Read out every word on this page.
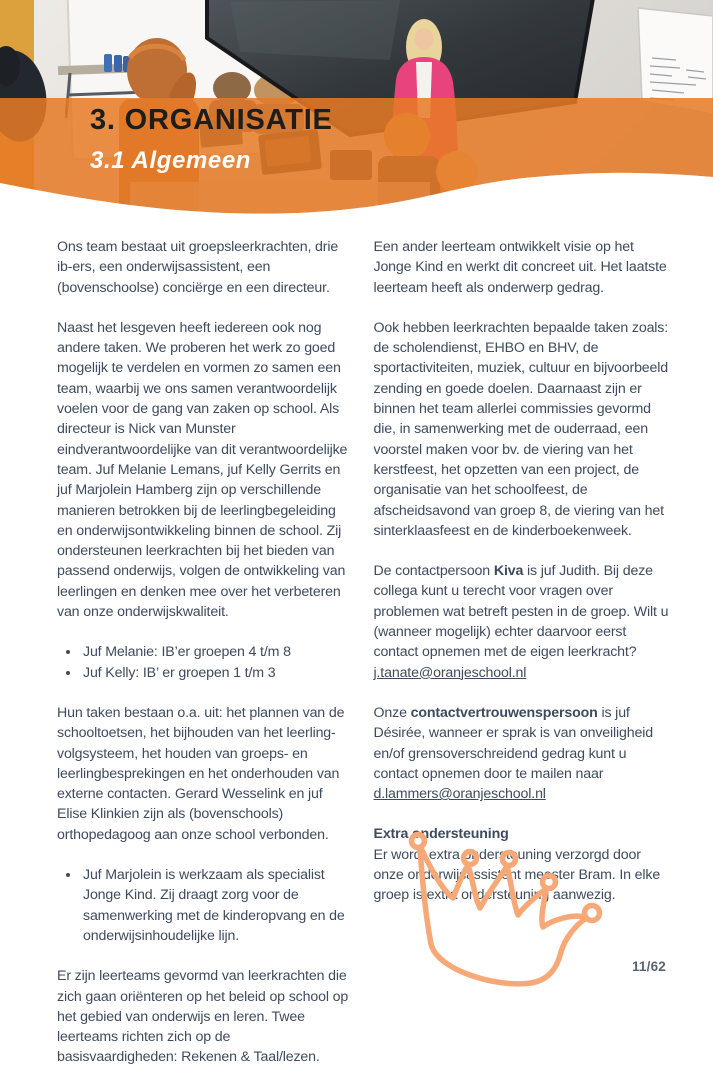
3. ORGANISATIE
3.1 Algemeen

Ons team bestaat uit groepsleerkrachten, drie ib-ers, een onderwijsassistent, een (bovenschoolse) conciërge en een directeur.

Naast het lesgeven heeft iedereen ook nog andere taken. We proberen het werk zo goed mogelijk te verdelen en vormen zo samen een team, waarbij we ons samen verantwoordelijk voelen voor de gang van zaken op school. Als directeur is Nick van Munster eindverantwoordelijke van dit verantwoordelijke team. Juf Melanie Lemans, juf Kelly Gerrits en juf Marjolein Hamberg zijn op verschillende manieren betrokken bij de leerlingbegeleiding en onderwijsontwikkeling binnen de school. Zij ondersteunen leerkrachten bij het bieden van passend onderwijs, volgen de ontwikkeling van leerlingen en denken mee over het verbeteren van onze onderwijskwaliteit.

• Juf Melanie: IB’er groepen 4 t/m 8
• Juf Kelly: IB’ er groepen 1 t/m 3

Hun taken bestaan o.a. uit: het plannen van de schooltoetsen, het bijhouden van het leerling-volgsysteem, het houden van groeps- en leerlingbesprekingen en het onderhouden van externe contacten. Gerard Wesselink en juf Elise Klinkien zijn als (bovenschools) orthopedagoog aan onze school verbonden.

• Juf Marjolein is werkzaam als specialist Jonge Kind. Zij draagt zorg voor de samenwerking met de kinderopvang en de onderwijsinhoudelijke lijn.

Er zijn leerteams gevormd van leerkrachten die zich gaan oriënteren op het beleid op school op het gebied van onderwijs en leren. Twee leerteams richten zich op de basisvaardigheden: Rekenen & Taal/lezen.

Een ander leerteam ontwikkelt visie op het Jonge Kind en werkt dit concreet uit. Het laatste leerteam heeft als onderwerp gedrag.

Ook hebben leerkrachten bepaalde taken zoals: de scholendienst, EHBO en BHV, de sportactiviteiten, muziek, cultuur en bijvoorbeeld zending en goede doelen. Daarnaast zijn er binnen het team allerlei commissies gevormd die, in samenwerking met de ouderraad, een voorstel maken voor bv. de viering van het kerstfeest, het opzetten van een project, de organisatie van het schoolfeest, de afscheidsavond van groep 8, de viering van het sinterklaasfeest en de kinderboekenweek.

De contactpersoon Kiva is juf Judith. Bij deze collega kunt u terecht voor vragen over problemen wat betreft pesten in de groep. Wilt u (wanneer mogelijk) echter daarvoor eerst contact opnemen met de eigen leerkracht? j.tanate@oranjeschool.nl

Onze contactvertrouwenspersoon is juf Désirée, wanneer er sprak is van onveiligheid en/of grensoverschreidend gedrag kunt u contact opnemen door te mailen naar d.lammers@oranjeschool.nl

Extra ondersteuning

Er wordt extra ondersteuning verzorgd door onze onderwijsassistent meester Bram. In elke groep is extra ondersteuning aanwezig.

11/62
